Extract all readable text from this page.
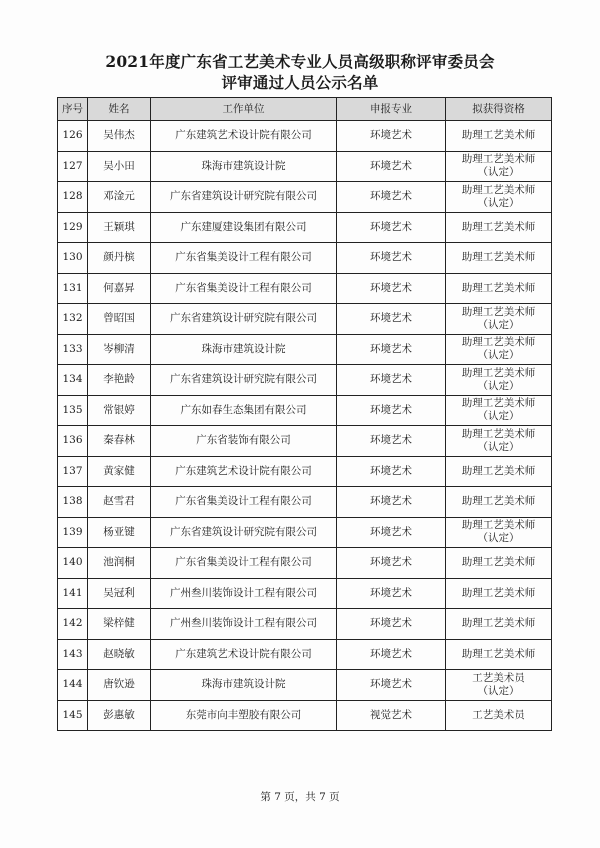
2021年度广东省工艺美术专业人员高级职称评审委员会
评审通过人员公示名单
序号	姓名	工作单位	申报专业	拟获得资格
126	吴伟杰	广东建筑艺术设计院有限公司	环境艺术	助理工艺美术师

127	吴小田	珠海市建筑设计院	环境艺术	助理工艺美术师
（认定）

128	邓淦元	广东省建筑设计研究院有限公司	环境艺术	助理工艺美术师
（认定）

129	王颖琪	广东建厦建设集团有限公司	环境艺术	助理工艺美术师

130	颜丹槟	广东省集美设计工程有限公司	环境艺术	助理工艺美术师

131	何嘉昇	广东省集美设计工程有限公司	环境艺术	助理工艺美术师

132	曾昭国	广东省建筑设计研究院有限公司	环境艺术	助理工艺美术师
（认定）

133	岑柳清	珠海市建筑设计院	环境艺术	助理工艺美术师
（认定）

134	李艳龄	广东省建筑设计研究院有限公司	环境艺术	助理工艺美术师
（认定）

135	常银婷	广东如春生态集团有限公司	环境艺术	助理工艺美术师
（认定）

136	秦春林	广东省装饰有限公司	环境艺术	助理工艺美术师
（认定）

137	黄家健	广东建筑艺术设计院有限公司	环境艺术	助理工艺美术师

138	赵雪君	广东省集美设计工程有限公司	环境艺术	助理工艺美术师

139	杨亚键	广东省建筑设计研究院有限公司	环境艺术	助理工艺美术师
（认定）

140	池润桐	广东省集美设计工程有限公司	环境艺术	助理工艺美术师

141	吴冠利	广州叁川装饰设计工程有限公司	环境艺术	助理工艺美术师

142	梁梓健	广州叁川装饰设计工程有限公司	环境艺术	助理工艺美术师

143	赵晓敏	广东建筑艺术设计院有限公司	环境艺术	助理工艺美术师

144	唐钦逊	珠海市建筑设计院	环境艺术	工艺美术员
（认定）

145	彭惠敏	东莞市向丰塑胶有限公司	视觉艺术	工艺美术员
第 7 页，共 7 页
